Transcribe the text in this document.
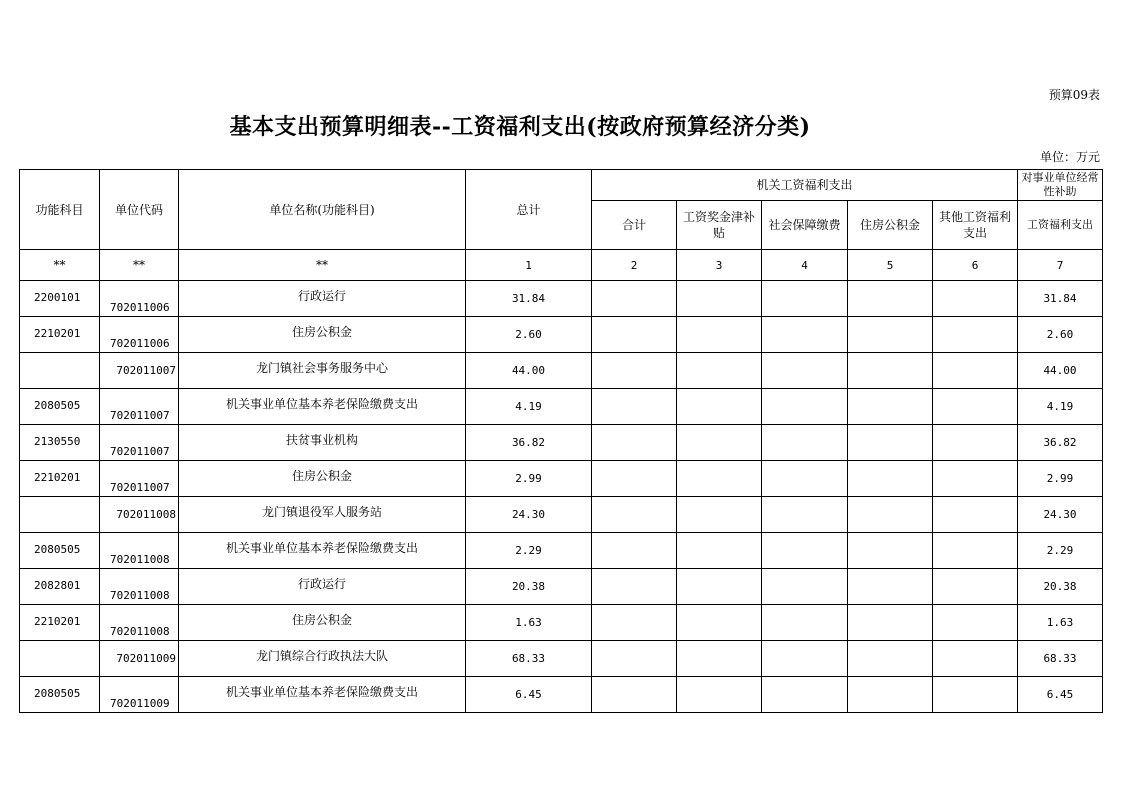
预算09表
基本支出预算明细表--工资福利支出(按政府预算经济分类)
单位：万元
功能科目	单位代码	单位名称(功能科目)	总计	机关工资福利支出					对事业单位经常性补助
				合计	工资奖金津补贴	社会保障缴费	住房公积金	其他工资福利支出	工资福利支出
**	**	**	1	2	3	4	5	6	7
2200101	702011006	行政运行	31.84						31.84
2210201	702011006	住房公积金	2.60						2.60
	702011007	龙门镇社会事务服务中心	44.00						44.00
2080505	702011007	机关事业单位基本养老保险缴费支出	4.19						4.19
2130550	702011007	扶贫事业机构	36.82						36.82
2210201	702011007	住房公积金	2.99						2.99
	702011008	龙门镇退役军人服务站	24.30						24.30
2080505	702011008	机关事业单位基本养老保险缴费支出	2.29						2.29
2082801	702011008	行政运行	20.38						20.38
2210201	702011008	住房公积金	1.63						1.63
	702011009	龙门镇综合行政执法大队	68.33						68.33
2080505	702011009	机关事业单位基本养老保险缴费支出	6.45						6.45
